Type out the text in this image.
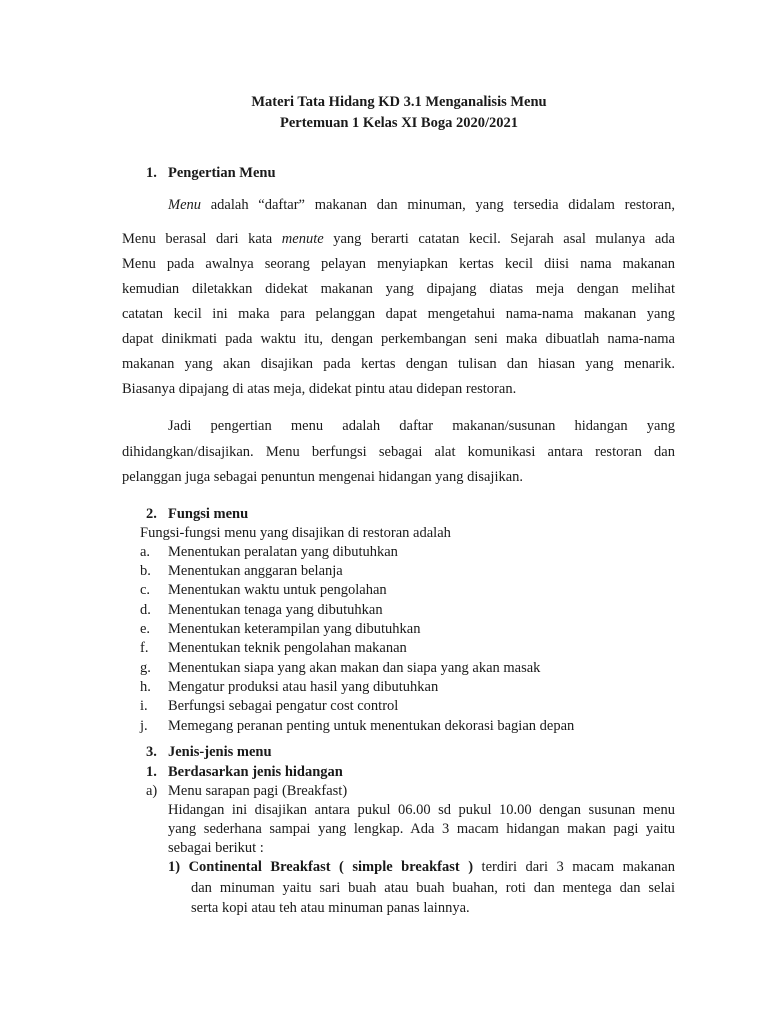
Materi Tata Hidang KD 3.1 Menganalisis Menu
Pertemuan 1 Kelas XI Boga 2020/2021
1. Pengertian Menu
Menu adalah “daftar” makanan dan minuman, yang tersedia didalam restoran,
Menu berasal dari kata menute yang berarti catatan kecil. Sejarah asal mulanya ada
Menu pada awalnya seorang pelayan menyiapkan kertas kecil diisi nama makanan
kemudian diletakkan didekat makanan yang dipajang diatas meja dengan melihat
catatan kecil ini maka para pelanggan dapat mengetahui nama-nama makanan yang
dapat dinikmati pada waktu itu, dengan perkembangan seni maka dibuatlah nama-nama
makanan yang akan disajikan pada kertas dengan tulisan dan hiasan yang menarik.
Biasanya dipajang di atas meja, didekat pintu atau didepan restoran.
Jadi pengertian menu adalah daftar makanan/susunan hidangan yang
dihidangkan/disajikan. Menu berfungsi sebagai alat komunikasi antara restoran dan
pelanggan juga sebagai penuntun mengenai hidangan yang disajikan.
2. Fungsi menu
Fungsi-fungsi menu yang disajikan di restoran adalah
a. Menentukan peralatan yang dibutuhkan
b. Menentukan anggaran belanja
c. Menentukan waktu untuk pengolahan
d. Menentukan tenaga yang dibutuhkan
e. Menentukan keterampilan yang dibutuhkan
f. Menentukan teknik pengolahan makanan
g. Menentukan siapa yang akan makan dan siapa yang akan masak
h. Mengatur produksi atau hasil yang dibutuhkan
i. Berfungsi sebagai pengatur cost control
j. Memegang peranan penting untuk menentukan dekorasi bagian depan
3. Jenis-jenis menu
1. Berdasarkan jenis hidangan
a) Menu sarapan pagi (Breakfast)
Hidangan ini disajikan antara pukul 06.00 sd pukul 10.00 dengan susunan menu
yang sederhana sampai yang lengkap. Ada 3 macam hidangan makan pagi yaitu
sebagai berikut :
1) Continental Breakfast ( simple breakfast ) terdiri dari 3 macam makanan
dan minuman yaitu sari buah atau buah buahan, roti dan mentega dan selai
serta kopi atau teh atau minuman panas lainnya.
